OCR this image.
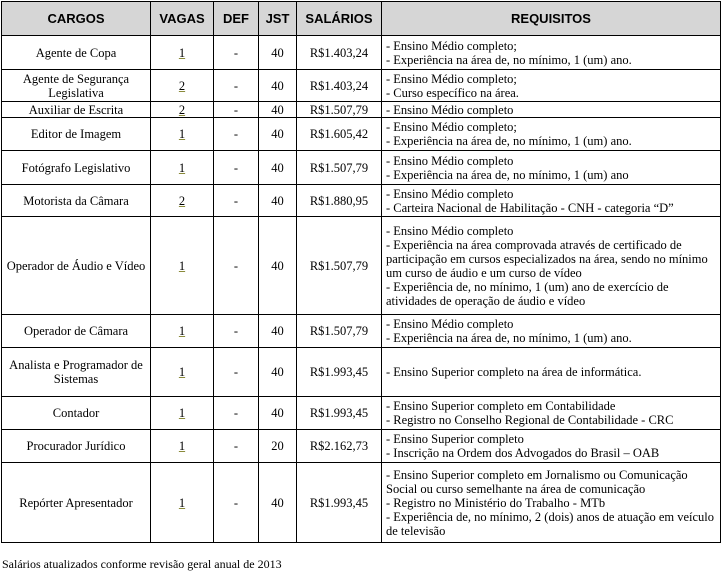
CARGOS	VAGAS	DEF	JST	SALÁRIOS	REQUISITOS
Agente de Copa	1	-	40	R$1.403,24	- Ensino Médio completo;
- Experiência na área de, no mínimo, 1 (um) ano.

Agente de Segurança Legislativa	2	-	40	R$1.403,24	- Ensino Médio completo;
- Curso específico na área.

Auxiliar de Escrita	2	-	40	R$1.507,79	- Ensino Médio completo

Editor de Imagem	1	-	40	R$1.605,42	- Ensino Médio completo;
- Experiência na área de, no mínimo, 1 (um) ano.

Fotógrafo Legislativo	1	-	40	R$1.507,79	- Ensino Médio completo
- Experiência na área de, no mínimo, 1 (um) ano

Motorista da Câmara	2	-	40	R$1.880,95	- Ensino Médio completo
- Carteira Nacional de Habilitação - CNH - categoria “D”

Operador de Áudio e Vídeo	1	-	40	R$1.507,79	- Ensino Médio completo
- Experiência na área comprovada através de certificado de participação em cursos especializados na área, sendo no mínimo um curso de áudio e um curso de vídeo
- Experiência de, no mínimo, 1 (um) ano de exercício de atividades de operação de áudio e vídeo

Operador de Câmara	1	-	40	R$1.507,79	- Ensino Médio completo
- Experiência na área de, no mínimo, 1 (um) ano.

Analista e Programador de Sistemas	1	-	40	R$1.993,45	- Ensino Superior completo na área de informática.

Contador	1	-	40	R$1.993,45	- Ensino Superior completo em Contabilidade
- Registro no Conselho Regional de Contabilidade - CRC

Procurador Jurídico	1	-	20	R$2.162,73	- Ensino Superior completo
- Inscrição na Ordem dos Advogados do Brasil – OAB

Repórter Apresentador	1	-	40	R$1.993,45	- Ensino Superior completo em Jornalismo ou Comunicação Social ou curso semelhante na área de comunicação
- Registro no Ministério do Trabalho - MTb
- Experiência de, no mínimo, 2 (dois) anos de atuação em veículo de televisão
Salários atualizados conforme revisão geral anual de 2013
